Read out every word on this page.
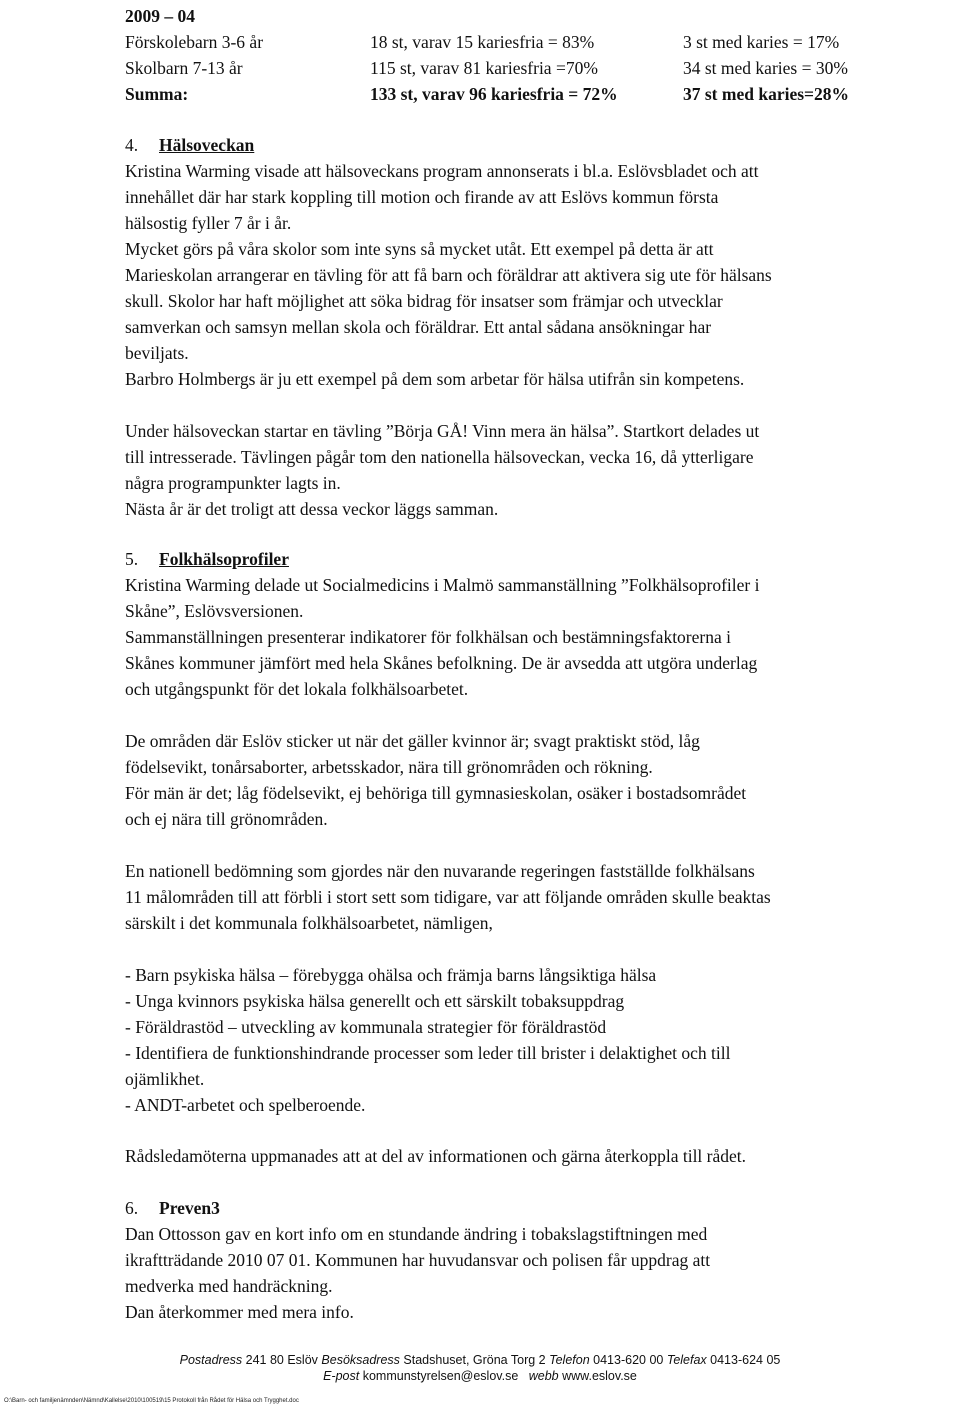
2009 – 04
Förskolebarn 3-6 år	18 st, varav 15 kariesfria = 83%	3 st med karies = 17%
Skolbarn 7-13 år	115 st, varav 81 kariesfria =70%	34 st med karies = 30%
Summa:	133 st, varav 96 kariesfria = 72%	37 st med karies=28%
4. Hälsoveckan
Kristina Warming visade att hälsoveckans program annonserats i bl.a. Eslövsbladet och att
innehållet där har stark koppling till motion och firande av att Eslövs kommun första
hälsostig fyller 7 år i år.
Mycket görs på våra skolor som inte syns så mycket utåt. Ett exempel på detta är att
Marieskolan arrangerar en tävling för att få barn och föräldrar att aktivera sig ute för hälsans
skull. Skolor har haft möjlighet att söka bidrag för insatser som främjar och utvecklar
samverkan och samsyn mellan skola och föräldrar. Ett antal sådana ansökningar har
beviljats.
Barbro Holmbergs är ju ett exempel på dem som arbetar för hälsa utifrån sin kompetens.
Under hälsoveckan startar en tävling ”Börja GÅ! Vinn mera än hälsa”. Startkort delades ut
till intresserade. Tävlingen pågår tom den nationella hälsoveckan, vecka 16, då ytterligare
några programpunkter lagts in.
Nästa år är det troligt att dessa veckor läggs samman.
5. Folkhälsoprofiler
Kristina Warming delade ut Socialmedicins i Malmö sammanställning ”Folkhälsoprofiler i
Skåne”, Eslövsversionen.
Sammanställningen presenterar indikatorer för folkhälsan och bestämningsfaktorerna i
Skånes kommuner jämfört med hela Skånes befolkning. De är avsedda att utgöra underlag
och utgångspunkt för det lokala folkhälsoarbetet.
De områden där Eslöv sticker ut när det gäller kvinnor är; svagt praktiskt stöd, låg
födelsevikt, tonårsaborter, arbetsskador, nära till grönområden och rökning.
För män är det; låg födelsevikt, ej behöriga till gymnasieskolan, osäker i bostadsområdet
och ej nära till grönområden.
En nationell bedömning som gjordes när den nuvarande regeringen fastställde folkhälsans
11 målområden till att förbli i stort sett som tidigare, var att följande områden skulle beaktas
särskilt i det kommunala folkhälsoarbetet, nämligen,
- Barn psykiska hälsa – förebygga ohälsa och främja barns långsiktiga hälsa
- Unga kvinnors psykiska hälsa generellt och ett särskilt tobaksuppdrag
- Föräldrastöd – utveckling av kommunala strategier för föräldrastöd
- Identifiera de funktionshindrande processer som leder till brister i delaktighet och till
ojämlikhet.
- ANDT-arbetet och spelberoende.
Rådsledamöterna uppmanades att at del av informationen och gärna återkoppla till rådet.
6. Preven3
Dan Ottosson gav en kort info om en stundande ändring i tobakslagstiftningen med
ikraftträdande 2010 07 01. Kommunen har huvudansvar och polisen får uppdrag att
medverka med handräckning.
Dan återkommer med mera info.
Postadress 241 80 Eslöv Besöksadress Stadshuset, Gröna Torg 2 Telefon 0413-620 00 Telefax 0413-624 05
E-post kommunstyrelsen@eslov.se webb www.eslov.se
O:\Barn- och familjenämnden\Nämnd\Kallelse\2010\100519\15 Protokoll från Rådet för Hälsa och Trygghet.doc
